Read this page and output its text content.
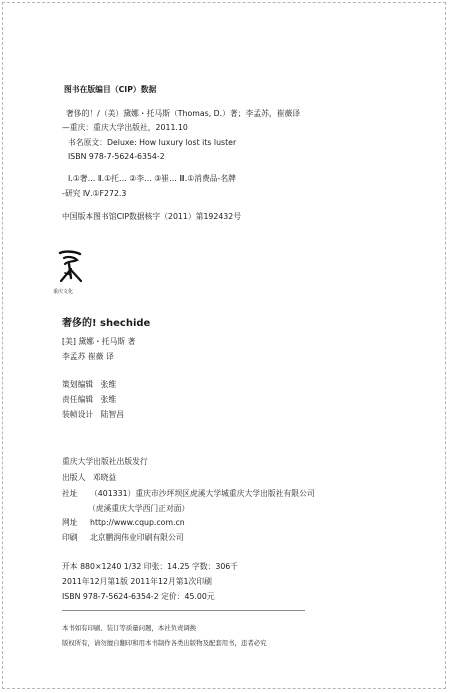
图书在版编目（CIP）数据
奢侈的！/（美）黛娜・托马斯（Thomas, D.）著；李孟苏，崔薇译
—重庆：重庆大学出版社，2011.10
书名原文：Deluxe: How luxury lost its luster
ISBN 978-7-5624-6354-2
Ⅰ.①奢… Ⅱ.①托… ②李… ③崔… Ⅲ.①消费品-名牌
-研究 Ⅳ.①F272.3
中国版本图书馆CIP数据核字（2011）第192432号
重庆文化
奢侈的! shechide
[美] 黛娜・托马斯 著
李孟苏 崔薇 译
策划编辑 张维
责任编辑 张维
装帧设计 陆智昌
重庆大学出版社出版发行
出版人 邓晓益
社址 （401331）重庆市沙坪坝区虎溪大学城重庆大学出版社有限公司
（虎溪重庆大学西门正对面）
网址 http://www.cqup.com.cn
印刷 北京鹏润伟业印刷有限公司
开本 880×1240 1/32 印张：14.25 字数：306千
2011年12月第1版 2011年12月第1次印刷
ISBN 978-7-5624-6354-2 定价：45.00元
本书如有印刷、装订等质量问题，本社负责调换
版权所有，请勿擅自翻印和用本书制作各类出版物及配套用书，违者必究
